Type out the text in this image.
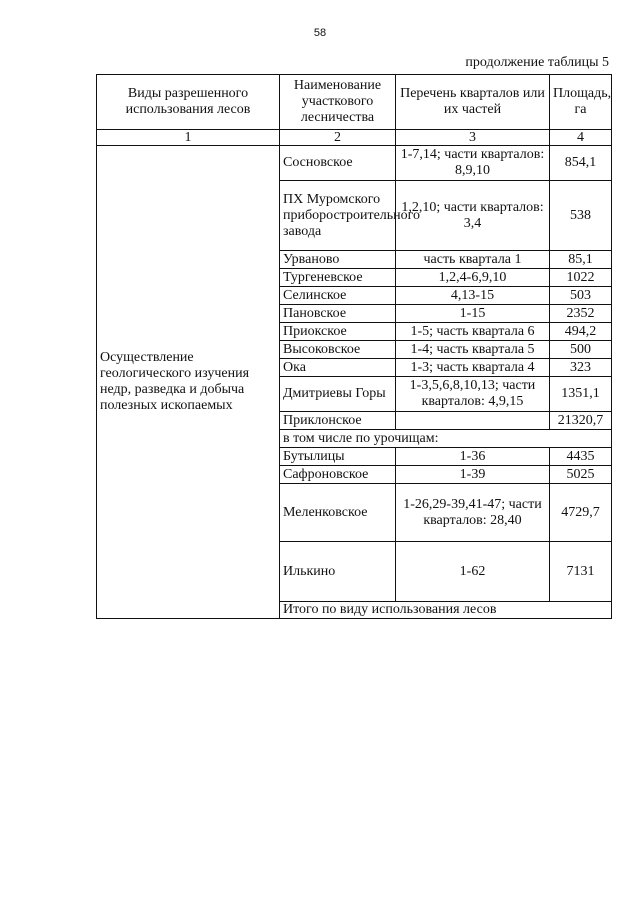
58
продолжение таблицы 5
Виды разрешенного использования лесов	Наименование участкового лесничества	Перечень кварталов или их частей	Площадь, га	
1	2	3	4	
Осуществление геологического изучения недр, разведка и добыча полезных ископаемых	Сосновское	1-7,14; части кварталов: 8,9,10	854,1	
	ПХ Муромского приборостроительного завода	1,2,10; части кварталов: 3,4	538	
	Урваново	часть квартала 1	85,1	
	Тургеневское	1,2,4-6,9,10	1022	
	Селинское	4,13-15	503	
	Пановское	1-15	2352	
	Приокское	1-5; часть квартала 6	494,2	
	Высоковское	1-4; часть квартала 5	500	
	Ока	1-3; часть квартала 4	323	
	Дмитриевы Горы	1-3,5,6,8,10,13; части кварталов: 4,9,15	1351,1	
	Приклонское		21320,7	
	в том числе по урочищам:			
	Бутылицы	1-36	4435	
	Сафроновское	1-39	5025	
	Меленковское	1-26,29-39,41-47; части кварталов: 28,40	4729,7	
	Илькино	1-62	7131	
	Итого по виду использования лесов	
